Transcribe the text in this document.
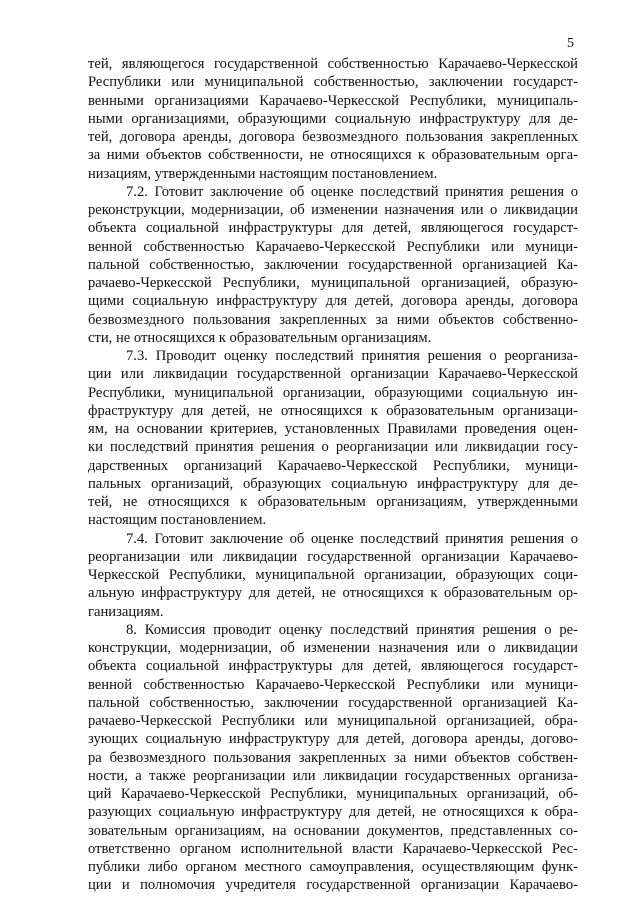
5
тей, являющегося государственной собственностью Карачаево-Черкесской
Республики или муниципальной собственностью, заключении государст-
венными организациями Карачаево-Черкесской Республики, муниципаль-
ными организациями, образующими социальную инфраструктуру для де-
тей, договора аренды, договора безвозмездного пользования закрепленных
за ними объектов собственности, не относящихся к образовательным орга-
низациям, утвержденными настоящим постановлением.
7.2. Готовит заключение об оценке последствий принятия решения о
реконструкции, модернизации, об изменении назначения или о ликвидации
объекта социальной инфраструктуры для детей, являющегося государст-
венной собственностью Карачаево-Черкесской Республики или муници-
пальной собственностью, заключении государственной организацией Ка-
рачаево-Черкесской Республики, муниципальной организацией, образую-
щими социальную инфраструктуру для детей, договора аренды, договора
безвозмездного пользования закрепленных за ними объектов собственно-
сти, не относящихся к образовательным организациям.
7.3. Проводит оценку последствий принятия решения о реорганиза-
ции или ликвидации государственной организации Карачаево-Черкесской
Республики, муниципальной организации, образующими социальную ин-
фраструктуру для детей, не относящихся к образовательным организаци-
ям, на основании критериев, установленных Правилами проведения оцен-
ки последствий принятия решения о реорганизации или ликвидации госу-
дарственных организаций Карачаево-Черкесской Республики, муници-
пальных организаций, образующих социальную инфраструктуру для де-
тей, не относящихся к образовательным организациям, утвержденными
настоящим постановлением.
7.4. Готовит заключение об оценке последствий принятия решения о
реорганизации или ликвидации государственной организации Карачаево-
Черкесской Республики, муниципальной организации, образующих соци-
альную инфраструктуру для детей, не относящихся к образовательным ор-
ганизациям.
8. Комиссия проводит оценку последствий принятия решения о ре-
конструкции, модернизации, об изменении назначения или о ликвидации
объекта социальной инфраструктуры для детей, являющегося государст-
венной собственностью Карачаево-Черкесской Республики или муници-
пальной собственностью, заключении государственной организацией Ка-
рачаево-Черкесской Республики или муниципальной организацией, обра-
зующих социальную инфраструктуру для детей, договора аренды, догово-
ра безвозмездного пользования закрепленных за ними объектов собствен-
ности, а также реорганизации или ликвидации государственных организа-
ций Карачаево-Черкесской Республики, муниципальных организаций, об-
разующих социальную инфраструктуру для детей, не относящихся к обра-
зовательным организациям, на основании документов, представленных со-
ответственно органом исполнительной власти Карачаево-Черкесской Рес-
публики либо органом местного самоуправления, осуществляющим функ-
ции и полномочия учредителя государственной организации Карачаево-
